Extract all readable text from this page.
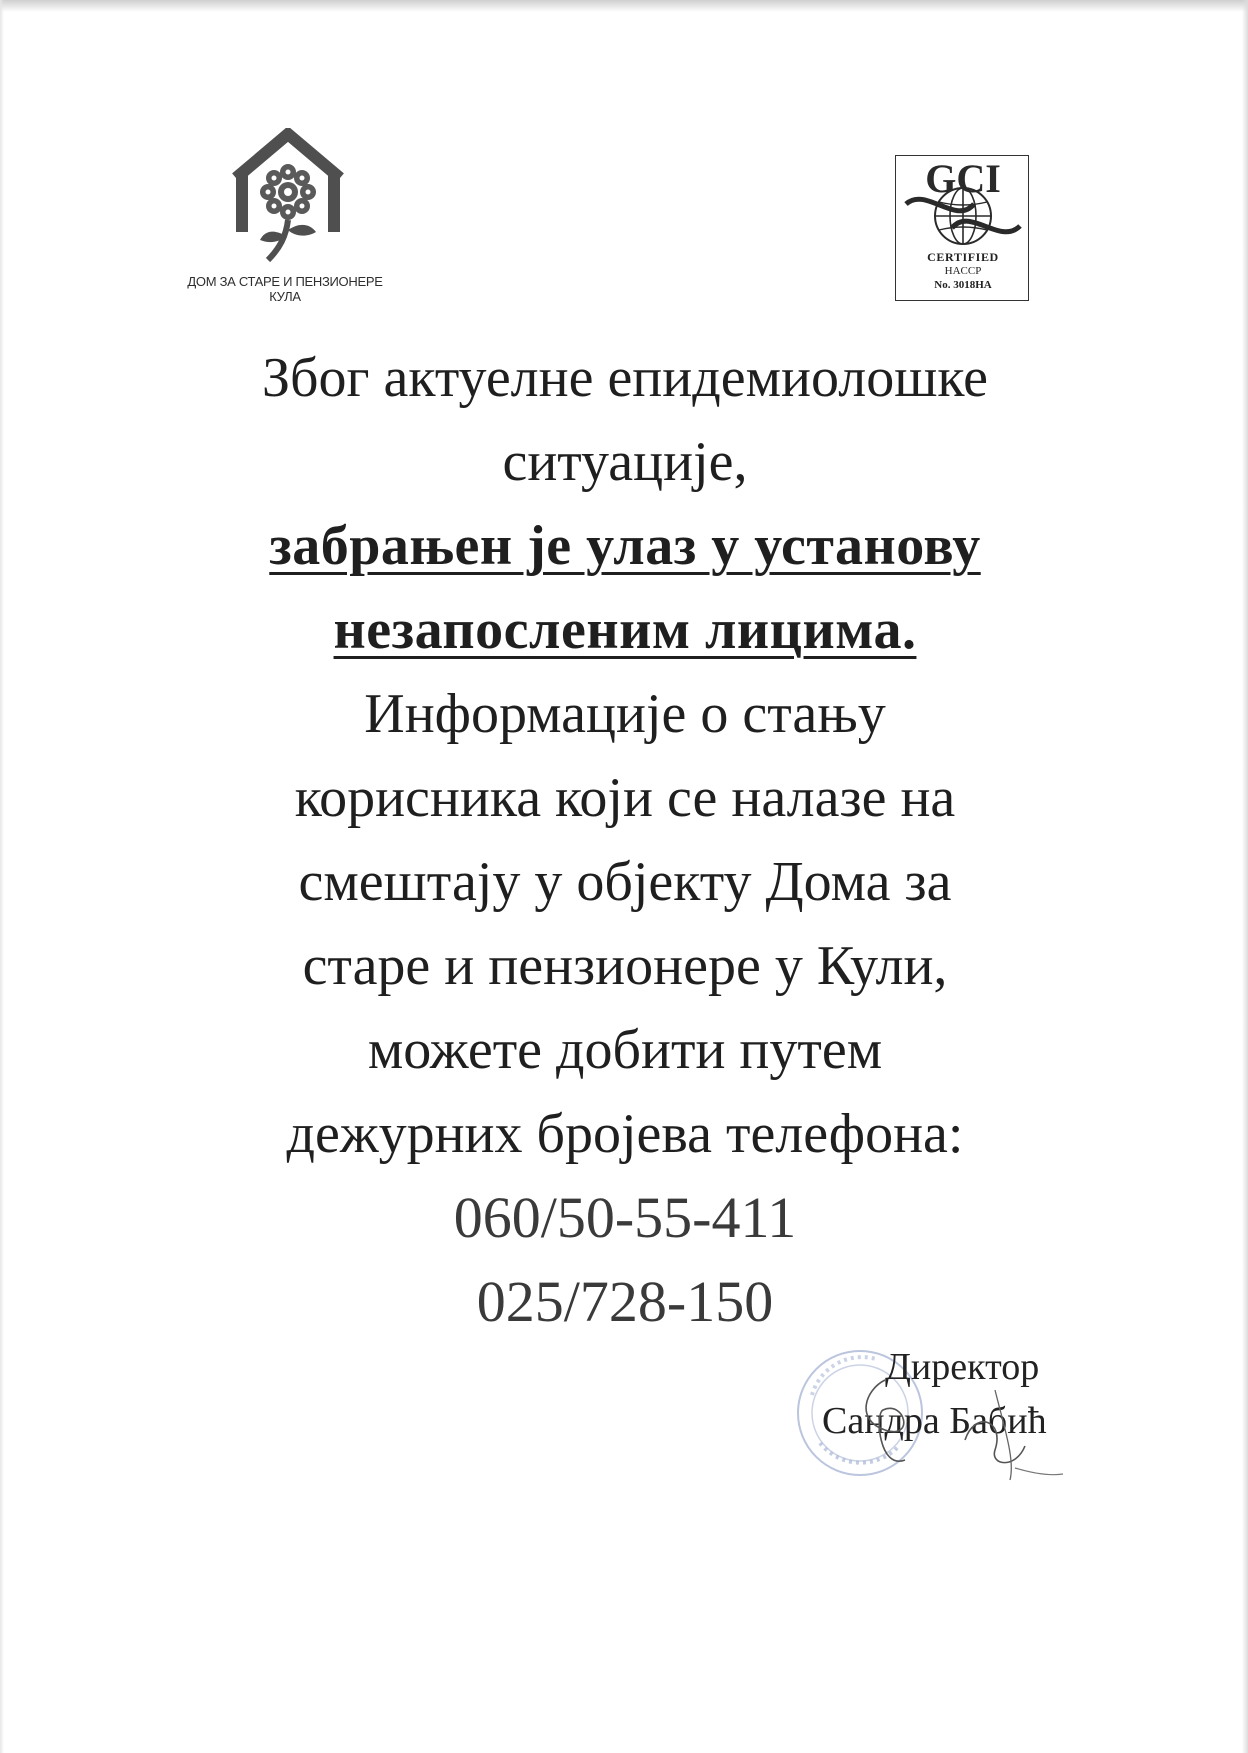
ДОМ ЗА СТАРЕ И ПЕНЗИОНЕРЕ
КУЛА
GCI
CERTIFIED
HACCP
No. 3018HA
Због актуелне епидемиолошке
ситуације,
забрањен је улаз у установу
незапосленим лицима.
Информације о стању
корисника који се налазе на
смештају у објекту Дома за
старе и пензионере у Кули,
можете добити путем
дежурних бројева телефона:
060/50-55-411
025/728-150
Директор
Сандра Бабић
